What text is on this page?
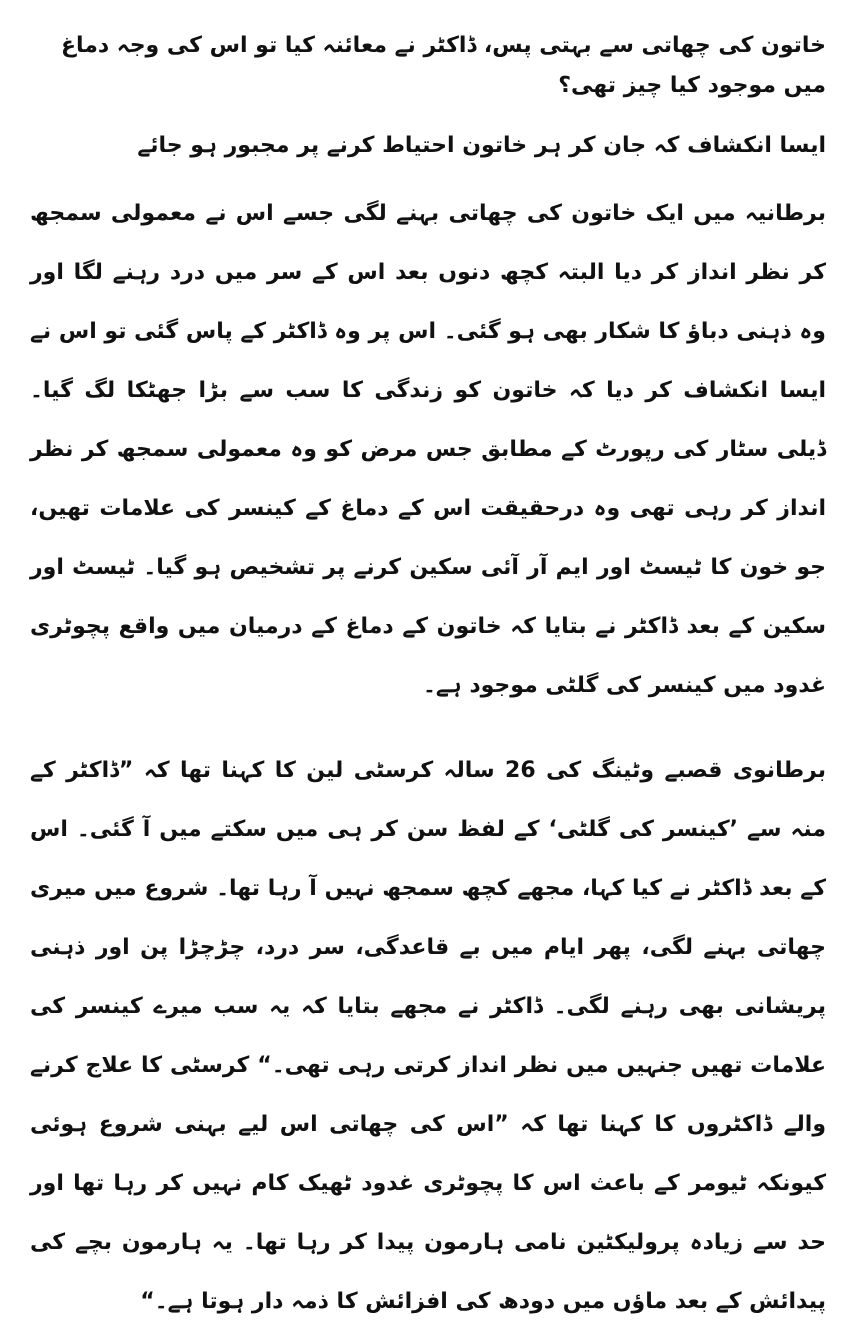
خاتون کی چھاتی سے بہتی پس، ڈاکٹر نے معائنہ کیا تو اس کی وجہ دماغ میں موجود کیا چیز تھی؟

ایسا انکشاف کہ جان کر ہر خاتون احتیاط کرنے پر مجبور ہو جائے

برطانیہ میں ایک خاتون کی چھاتی بہنے لگی جسے اس نے معمولی سمجھ کر نظر انداز کر دیا البتہ کچھ دنوں بعد اس کے سر میں درد رہنے لگا اور وہ ذہنی دباؤ کا شکار بھی ہو گئی۔ اس پر وہ ڈاکٹر کے پاس گئی تو اس نے ایسا انکشاف کر دیا کہ خاتون کو زندگی کا سب سے بڑا جھٹکا لگ گیا۔ ڈیلی سٹار کی رپورٹ کے مطابق جس مرض کو وہ معمولی سمجھ کر نظر انداز کر رہی تھی وہ درحقیقت اس کے دماغ کے کینسر کی علامات تھیں، جو خون کا ٹیسٹ اور ایم آر آئی سکین کرنے پر تشخیص ہو گیا۔ ٹیسٹ اور سکین کے بعد ڈاکٹر نے بتایا کہ خاتون کے دماغ کے درمیان میں واقع پچوٹری غدود میں کینسر کی گلٹی موجود ہے۔

برطانوی قصبے وٹینگ کی 26 سالہ کرسٹی لین کا کہنا تھا کہ ”ڈاکٹر کے منہ سے ’کینسر کی گلٹی‘ کے لفظ سن کر ہی میں سکتے میں آ گئی۔ اس کے بعد ڈاکٹر نے کیا کہا، مجھے کچھ سمجھ نہیں آ رہا تھا۔ شروع میں میری چھاتی بہنے لگی، پھر ایام میں بے قاعدگی، سر درد، چڑچڑا پن اور ذہنی پریشانی بھی رہنے لگی۔ ڈاکٹر نے مجھے بتایا کہ یہ سب میرے کینسر کی علامات تھیں جنہیں میں نظر انداز کرتی رہی تھی۔“ کرسٹی کا علاج کرنے والے ڈاکٹروں کا کہنا تھا کہ ”اس کی چھاتی اس لیے بہنی شروع ہوئی کیونکہ ٹیومر کے باعث اس کا پچوٹری غدود ٹھیک کام نہیں کر رہا تھا اور حد سے زیادہ پرولیکٹین نامی ہارمون پیدا کر رہا تھا۔ یہ ہارمون بچے کی پیدائش کے بعد ماؤں میں دودھ کی افزائش کا ذمہ دار ہوتا ہے۔“
